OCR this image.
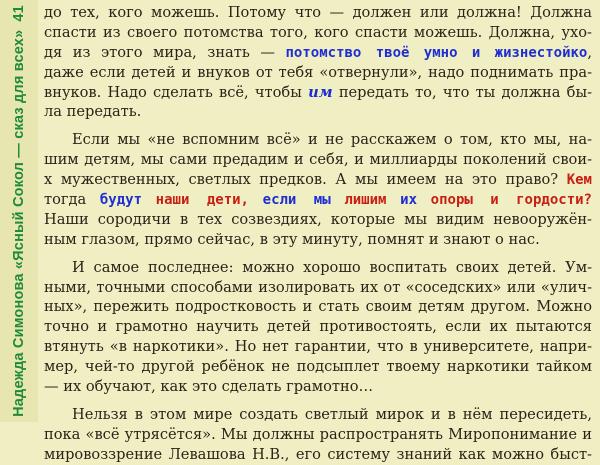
Надежда Симонова «Ясный Сокол — сказ для всех»41 до тех, кого можешь. Потому что — должен или должна! Должна
спасти из своего потомства того, кого спасти можешь. Должна, ухо-
дя из этого мира, знать — потомство твоё умно и жизнестойко,
даже если детей и внуков от тебя «отвернули», надо поднимать пра-
внуков. Надо сделать всё, чтобы им передать то, что ты должна бы-
ла передать.
Если мы «не вспомним всё» и не расскажем о том, кто мы, на-
шим детям, мы сами предадим и себя, и миллиарды поколений свои-
х мужественных, светлых предков. А мы имеем на это право? Кем
тогда будут наши дети, если мы лишим их опоры и гордости?
Наши сородичи в тех созвездиях, которые мы видим невооружён-
ным глазом, прямо сейчас, в эту минуту, помнят и знают о нас.
И самое последнее: можно хорошо воспитать своих детей. Ум-
ными, точными способами изолировать их от «соседских» или «улич-
ных», пережить подростковость и стать своим детям другом. Можно
точно и грамотно научить детей противостоять, если их пытаются
втянуть «в наркотики». Но нет гарантии, что в университете, напри-
мер, чей-то другой ребёнок не подсыплет твоему наркотики тайком
— их обучают, как это сделать грамотно…
Нельзя в этом мире создать светлый мирок и в нём пересидеть,
пока «всё утрясётся». Мы должны распространять Миропонимание и
мировоззрение Левашова Н.В., его систему знаний как можно быст-
